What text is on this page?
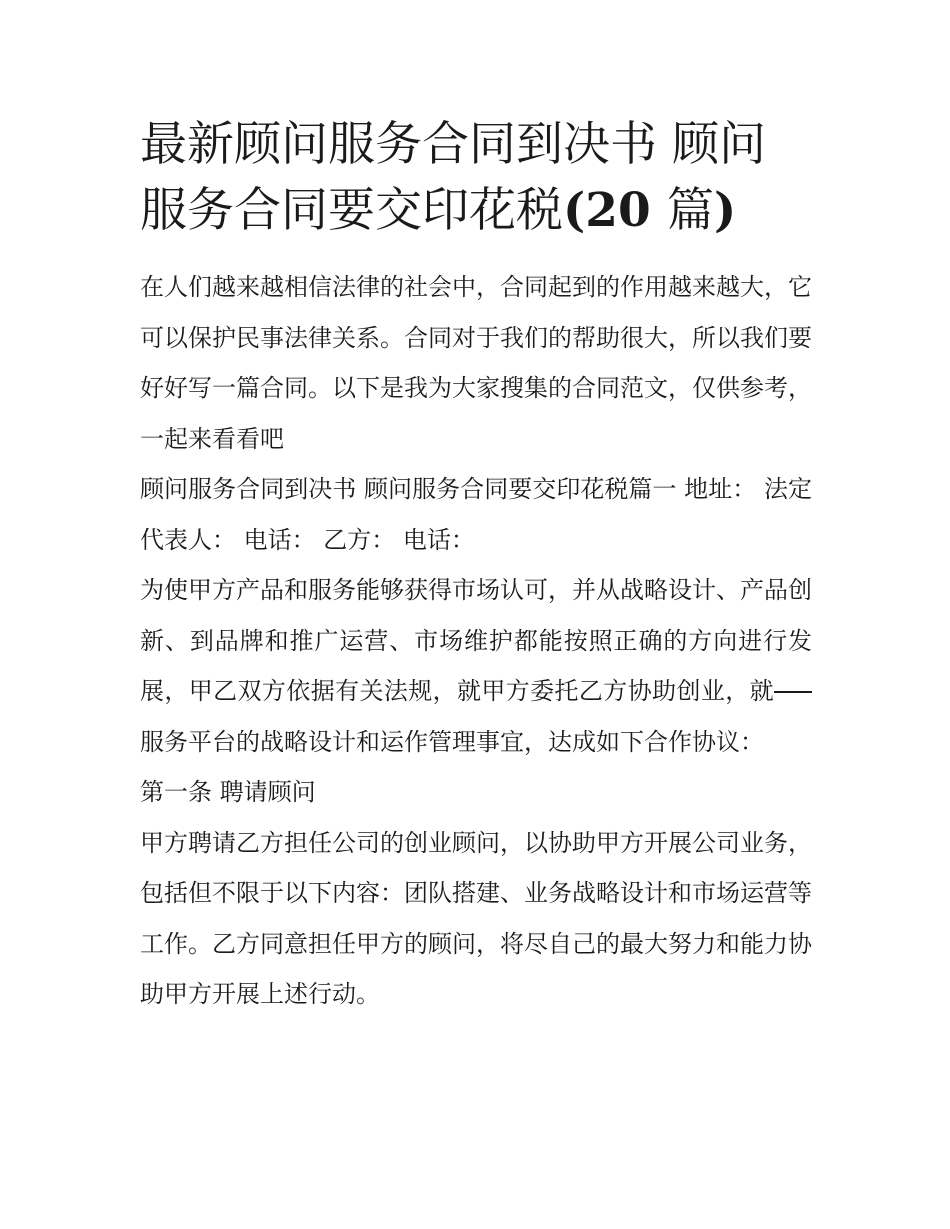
最新顾问服务合同到决书 顾问
服务合同要交印花税(20 篇)

在人们越来越相信法律的社会中，合同起到的作用越来越大，它可以保护民事法律关系。合同对于我们的帮助很大，所以我们要好好写一篇合同。以下是我为大家搜集的合同范文，仅供参考，一起来看看吧

顾问服务合同到决书 顾问服务合同要交印花税篇一 地址： 法定代表人： 电话： 乙方： 电话：

为使甲方产品和服务能够获得市场认可，并从战略设计、产品创新、到品牌和推广运营、市场维护都能按照正确的方向进行发展，甲乙双方依据有关法规，就甲方委托乙方协助创业，就服务平台的战略设计和运作管理事宜，达成如下合作协议：

第一条 聘请顾问

甲方聘请乙方担任公司的创业顾问，以协助甲方开展公司业务，包括但不限于以下内容：团队搭建、业务战略设计和市场运营等工作。乙方同意担任甲方的顾问，将尽自己的最大努力和能力协助甲方开展上述行动。
